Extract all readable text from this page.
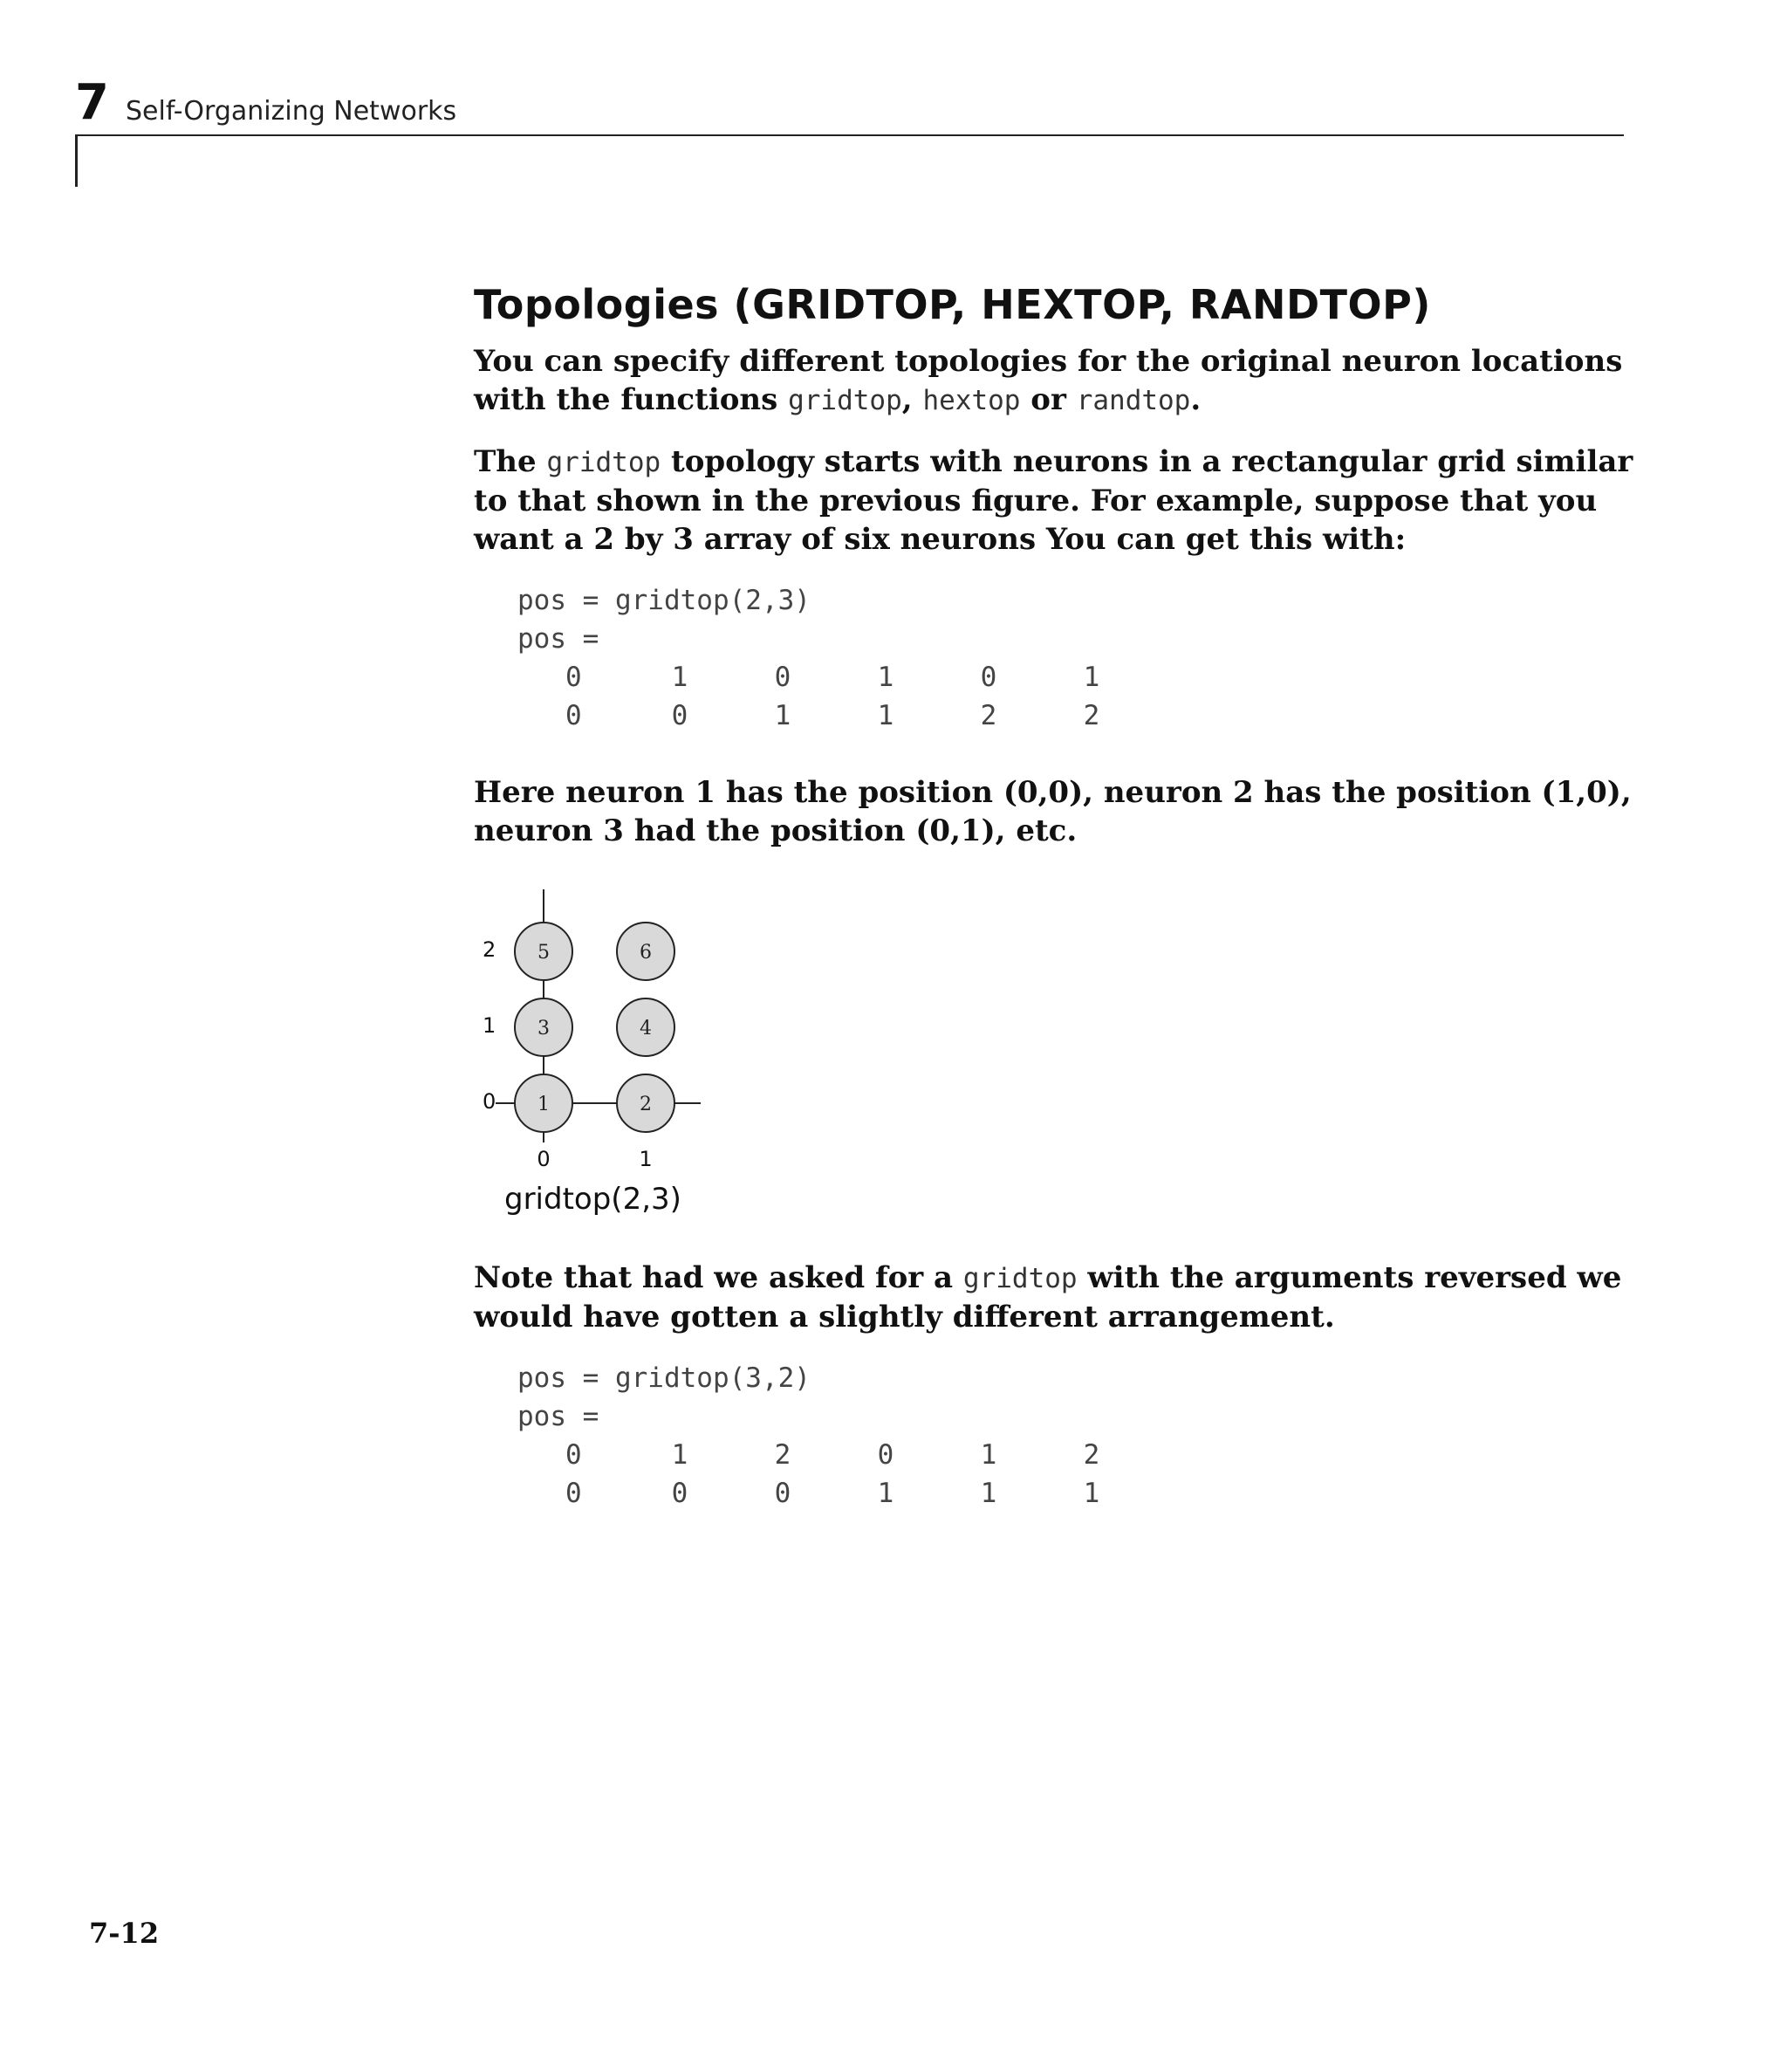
7 Self-Organizing Networks
Topologies (GRIDTOP, HEXTOP, RANDTOP)

You can specify different topologies for the original neuron locations with the functions gridtop, hextop or randtop.

The gridtop topology starts with neurons in a rectangular grid similar to that shown in the previous figure. For example, suppose that you want a 2 by 3 array of six neurons You can get this with:

pos = gridtop(2,3)
pos =
0	1	0	1	0	1
0	0	1	1	2	2

Here neuron 1 has the position (0,0), neuron 2 has the position (1,0), neuron 3 had the position (0,1), etc.

1	2
3	4
5	6
2
1
0
0	1
gridtop(2,3)

Note that had we asked for a gridtop with the arguments reversed we would have gotten a slightly different arrangement.

pos = gridtop(3,2)
pos =
0	1	2	0	1	2
0	0	0	1	1	1
7-12
